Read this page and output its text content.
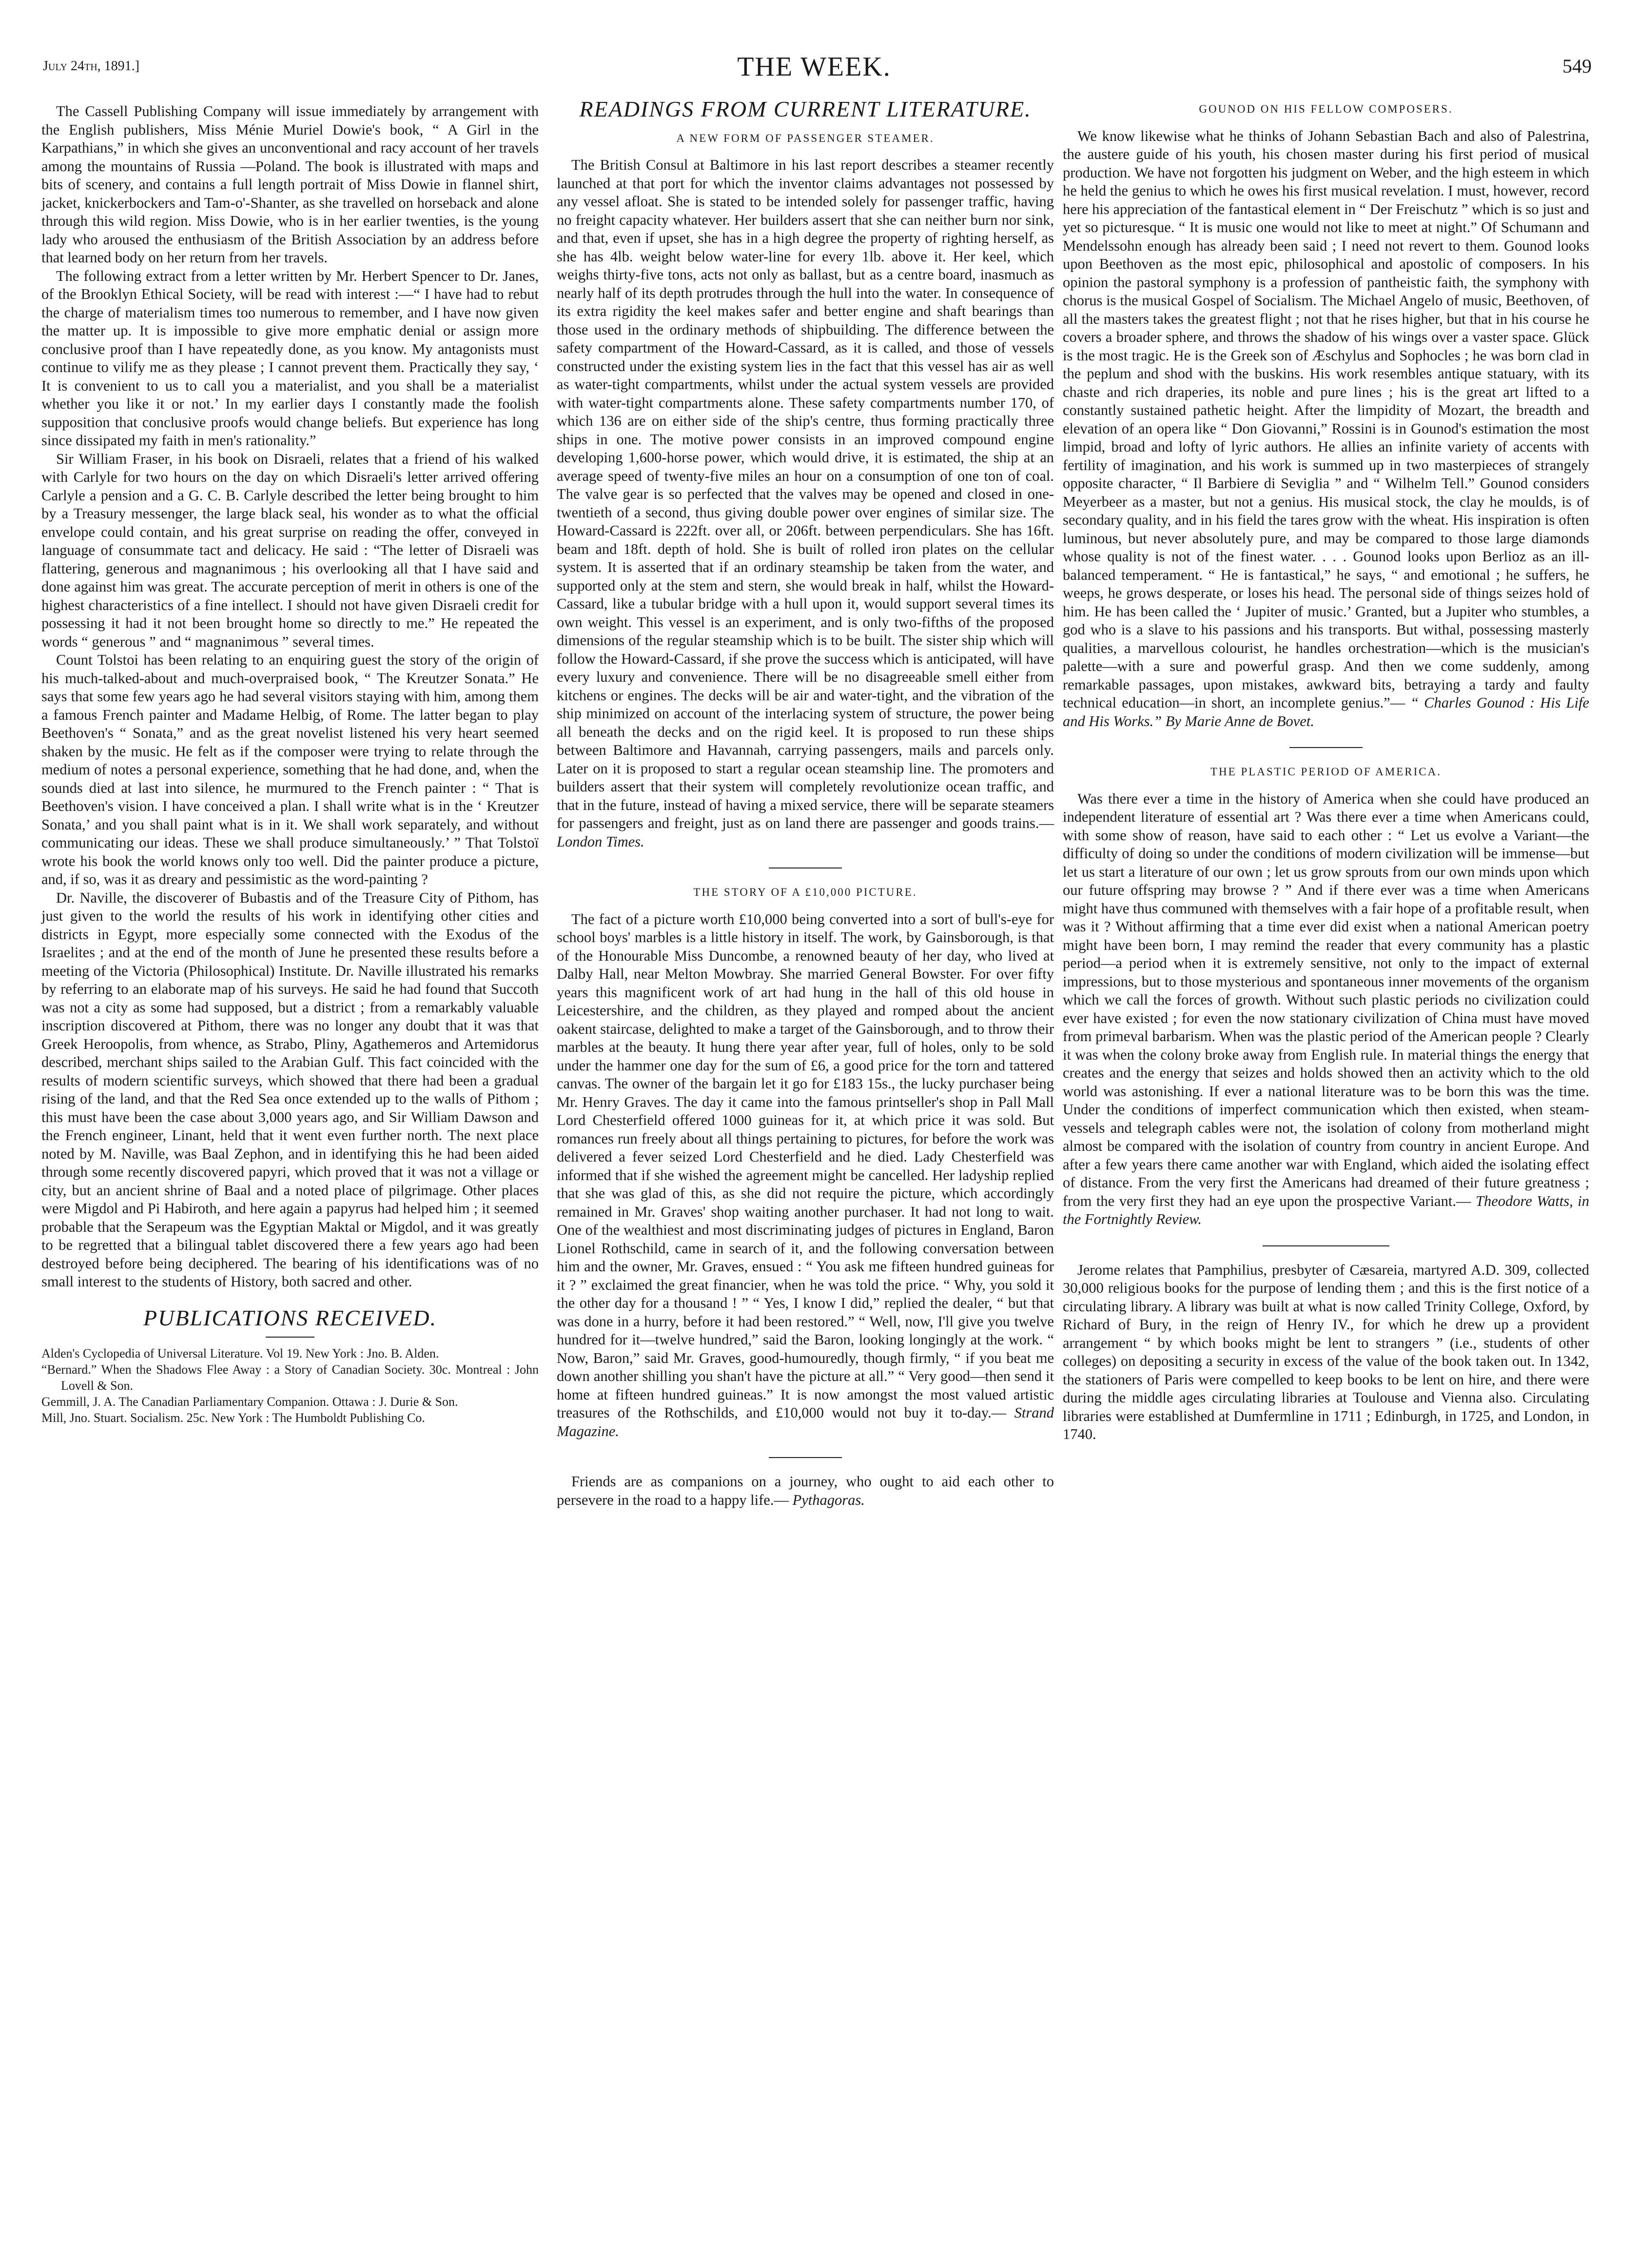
July 24th, 1891.]	THE WEEK.	549

The Cassell Publishing Company will issue immediately by arrangement with the English publishers, Miss Ménie Muriel Dowie's book, “ A Girl in the Karpathians,” in which she gives an unconventional and racy account of her travels among the mountains of Russia —Poland. The book is illustrated with maps and bits of scenery, and contains a full length portrait of Miss Dowie in flannel shirt, jacket, knickerbockers and Tam-o'-Shanter, as she travelled on horseback and alone through this wild region. Miss Dowie, who is in her earlier twenties, is the young lady who aroused the enthusiasm of the British Association by an address before that learned body on her return from her travels.

The following extract from a letter written by Mr. Herbert Spencer to Dr. Janes, of the Brooklyn Ethical Society, will be read with interest :—“ I have had to rebut the charge of materialism times too numerous to remember, and I have now given the matter up. It is impossible to give more emphatic denial or assign more conclusive proof than I have repeatedly done, as you know. My antagonists must continue to vilify me as they please ; I cannot prevent them. Practically they say, ‘ It is convenient to us to call you a materialist, and you shall be a materialist whether you like it or not.’ In my earlier days I constantly made the foolish supposition that conclusive proofs would change beliefs. But experience has long since dissipated my faith in men's rationality.”

Sir William Fraser, in his book on Disraeli, relates that a friend of his walked with Carlyle for two hours on the day on which Disraeli's letter arrived offering Carlyle a pension and a G. C. B. Carlyle described the letter being brought to him by a Treasury messenger, the large black seal, his wonder as to what the official envelope could contain, and his great surprise on reading the offer, conveyed in language of consummate tact and delicacy. He said : “The letter of Disraeli was flattering, generous and magnanimous ; his overlooking all that I have said and done against him was great. The accurate perception of merit in others is one of the highest characteristics of a fine intellect. I should not have given Disraeli credit for possessing it had it not been brought home so directly to me.” He repeated the words “ generous ” and “ magnanimous ” several times.

Count Tolstoi has been relating to an enquiring guest the story of the origin of his much-talked-about and much-overpraised book, “ The Kreutzer Sonata.” He says that some few years ago he had several visitors staying with him, among them a famous French painter and Madame Helbig, of Rome. The latter began to play Beethoven's “ Sonata,” and as the great novelist listened his very heart seemed shaken by the music. He felt as if the composer were trying to relate through the medium of notes a personal experience, something that he had done, and, when the sounds died at last into silence, he murmured to the French painter : “ That is Beethoven's vision. I have conceived a plan. I shall write what is in the ‘ Kreutzer Sonata,’ and you shall paint what is in it. We shall work separately, and without communicating our ideas. These we shall produce simultaneously.’ ” That Tolstoï wrote his book the world knows only too well. Did the painter produce a picture, and, if so, was it as dreary and pessimistic as the word-painting ?

Dr. Naville, the discoverer of Bubastis and of the Treasure City of Pithom, has just given to the world the results of his work in identifying other cities and districts in Egypt, more especially some connected with the Exodus of the Israelites ; and at the end of the month of June he presented these results before a meeting of the Victoria (Philosophical) Institute. Dr. Naville illustrated his remarks by referring to an elaborate map of his surveys. He said he had found that Succoth was not a city as some had supposed, but a district ; from a remarkably valuable inscription discovered at Pithom, there was no longer any doubt that it was that Greek Heroopolis, from whence, as Strabo, Pliny, Agathemeros and Artemidorus described, merchant ships sailed to the Arabian Gulf. This fact coincided with the results of modern scientific surveys, which showed that there had been a gradual rising of the land, and that the Red Sea once extended up to the walls of Pithom ; this must have been the case about 3,000 years ago, and Sir William Dawson and the French engineer, Linant, held that it went even further north. The next place noted by M. Naville, was Baal Zephon, and in identifying this he had been aided through some recently discovered papyri, which proved that it was not a village or city, but an ancient shrine of Baal and a noted place of pilgrimage. Other places were Migdol and Pi Habiroth, and here again a papyrus had helped him ; it seemed probable that the Serapeum was the Egyptian Maktal or Migdol, and it was greatly to be regretted that a bilingual tablet discovered there a few years ago had been destroyed before being deciphered. The bearing of his identifications was of no small interest to the students of History, both sacred and other.

PUBLICATIONS RECEIVED.

Alden's Cyclopedia of Universal Literature. Vol 19. New York : Jno. B. Alden.

“Bernard.” When the Shadows Flee Away : a Story of Canadian Society. 30c. Montreal : John Lovell & Son.

Gemmill, J. A. The Canadian Parliamentary Companion. Ottawa : J. Durie & Son.

Mill, Jno. Stuart. Socialism. 25c. New York : The Humboldt Publishing Co.

READINGS FROM CURRENT LITERATURE.
A NEW FORM OF PASSENGER STEAMER.

The British Consul at Baltimore in his last report describes a steamer recently launched at that port for which the inventor claims advantages not possessed by any vessel afloat. She is stated to be intended solely for passenger traffic, having no freight capacity whatever. Her builders assert that she can neither burn nor sink, and that, even if upset, she has in a high degree the property of righting herself, as she has 4lb. weight below water-line for every 1lb. above it. Her keel, which weighs thirty-five tons, acts not only as ballast, but as a centre board, inasmuch as nearly half of its depth protrudes through the hull into the water. In consequence of its extra rigidity the keel makes safer and better engine and shaft bearings than those used in the ordinary methods of shipbuilding. The difference between the safety compartment of the Howard-Cassard, as it is called, and those of vessels constructed under the existing system lies in the fact that this vessel has air as well as water-tight compartments, whilst under the actual system vessels are provided with water-tight compartments alone. These safety compartments number 170, of which 136 are on either side of the ship's centre, thus forming practically three ships in one. The motive power consists in an improved compound engine developing 1,600-horse power, which would drive, it is estimated, the ship at an average speed of twenty-five miles an hour on a consumption of one ton of coal. The valve gear is so perfected that the valves may be opened and closed in one-twentieth of a second, thus giving double power over engines of similar size. The Howard-Cassard is 222ft. over all, or 206ft. between perpendiculars. She has 16ft. beam and 18ft. depth of hold. She is built of rolled iron plates on the cellular system. It is asserted that if an ordinary steamship be taken from the water, and supported only at the stem and stern, she would break in half, whilst the Howard-Cassard, like a tubular bridge with a hull upon it, would support several times its own weight. This vessel is an experiment, and is only two-fifths of the proposed dimensions of the regular steamship which is to be built. The sister ship which will follow the Howard-Cassard, if she prove the success which is anticipated, will have every luxury and convenience. There will be no disagreeable smell either from kitchens or engines. The decks will be air and water-tight, and the vibration of the ship minimized on account of the interlacing system of structure, the power being all beneath the decks and on the rigid keel. It is proposed to run these ships between Baltimore and Havannah, carrying passengers, mails and parcels only. Later on it is proposed to start a regular ocean steamship line. The promoters and builders assert that their system will completely revolutionize ocean traffic, and that in the future, instead of having a mixed service, there will be separate steamers for passengers and freight, just as on land there are passenger and goods trains.— London Times.

THE STORY OF A £10,000 PICTURE.

The fact of a picture worth £10,000 being converted into a sort of bull's-eye for school boys' marbles is a little history in itself. The work, by Gainsborough, is that of the Honourable Miss Duncombe, a renowned beauty of her day, who lived at Dalby Hall, near Melton Mowbray. She married General Bowster. For over fifty years this magnificent work of art had hung in the hall of this old house in Leicestershire, and the children, as they played and romped about the ancient oakent staircase, delighted to make a target of the Gainsborough, and to throw their marbles at the beauty. It hung there year after year, full of holes, only to be sold under the hammer one day for the sum of £6, a good price for the torn and tattered canvas. The owner of the bargain let it go for £183 15s., the lucky purchaser being Mr. Henry Graves. The day it came into the famous printseller's shop in Pall Mall Lord Chesterfield offered 1000 guineas for it, at which price it was sold. But romances run freely about all things pertaining to pictures, for before the work was delivered a fever seized Lord Chesterfield and he died. Lady Chesterfield was informed that if she wished the agreement might be cancelled. Her ladyship replied that she was glad of this, as she did not require the picture, which accordingly remained in Mr. Graves' shop waiting another purchaser. It had not long to wait. One of the wealthiest and most discriminating judges of pictures in England, Baron Lionel Rothschild, came in search of it, and the following conversation between him and the owner, Mr. Graves, ensued : “ You ask me fifteen hundred guineas for it ? ” exclaimed the great financier, when he was told the price. “ Why, you sold it the other day for a thousand ! ” “ Yes, I know I did,” replied the dealer, “ but that was done in a hurry, before it had been restored.” “ Well, now, I'll give you twelve hundred for it—twelve hundred,” said the Baron, looking longingly at the work. “ Now, Baron,” said Mr. Graves, good-humouredly, though firmly, “ if you beat me down another shilling you shan't have the picture at all.” “ Very good—then send it home at fifteen hundred guineas.” It is now amongst the most valued artistic treasures of the Rothschilds, and £10,000 would not buy it to-day.— Strand Magazine.

Friends are as companions on a journey, who ought to aid each other to persevere in the road to a happy life.— Pythagoras.

GOUNOD ON HIS FELLOW COMPOSERS.

We know likewise what he thinks of Johann Sebastian Bach and also of Palestrina, the austere guide of his youth, his chosen master during his first period of musical production. We have not forgotten his judgment on Weber, and the high esteem in which he held the genius to which he owes his first musical revelation. I must, however, record here his appreciation of the fantastical element in “ Der Freischutz ” which is so just and yet so picturesque. “ It is music one would not like to meet at night.” Of Schumann and Mendelssohn enough has already been said ; I need not revert to them. Gounod looks upon Beethoven as the most epic, philosophical and apostolic of composers. In his opinion the pastoral symphony is a profession of pantheistic faith, the symphony with chorus is the musical Gospel of Socialism. The Michael Angelo of music, Beethoven, of all the masters takes the greatest flight ; not that he rises higher, but that in his course he covers a broader sphere, and throws the shadow of his wings over a vaster space. Glück is the most tragic. He is the Greek son of Æschylus and Sophocles ; he was born clad in the peplum and shod with the buskins. His work resembles antique statuary, with its chaste and rich draperies, its noble and pure lines ; his is the great art lifted to a constantly sustained pathetic height. After the limpidity of Mozart, the breadth and elevation of an opera like “ Don Giovanni,” Rossini is in Gounod's estimation the most limpid, broad and lofty of lyric authors. He allies an infinite variety of accents with fertility of imagination, and his work is summed up in two masterpieces of strangely opposite character, “ Il Barbiere di Seviglia ” and “ Wilhelm Tell.” Gounod considers Meyerbeer as a master, but not a genius. His musical stock, the clay he moulds, is of secondary quality, and in his field the tares grow with the wheat. His inspiration is often luminous, but never absolutely pure, and may be compared to those large diamonds whose quality is not of the finest water. . . . Gounod looks upon Berlioz as an ill-balanced temperament. “ He is fantastical,” he says, “ and emotional ; he suffers, he weeps, he grows desperate, or loses his head. The personal side of things seizes hold of him. He has been called the ‘ Jupiter of music.’ Granted, but a Jupiter who stumbles, a god who is a slave to his passions and his transports. But withal, possessing masterly qualities, a marvellous colourist, he handles orchestration—which is the musician's palette—with a sure and powerful grasp. And then we come suddenly, among remarkable passages, upon mistakes, awkward bits, betraying a tardy and faulty technical education—in short, an incomplete genius.”— “ Charles Gounod : His Life and His Works.” By Marie Anne de Bovet.

THE PLASTIC PERIOD OF AMERICA.

Was there ever a time in the history of America when she could have produced an independent literature of essential art ? Was there ever a time when Americans could, with some show of reason, have said to each other : “ Let us evolve a Variant—the difficulty of doing so under the conditions of modern civilization will be immense—but let us start a literature of our own ; let us grow sprouts from our own minds upon which our future offspring may browse ? ” And if there ever was a time when Americans might have thus communed with themselves with a fair hope of a profitable result, when was it ? Without affirming that a time ever did exist when a national American poetry might have been born, I may remind the reader that every community has a plastic period—a period when it is extremely sensitive, not only to the impact of external impressions, but to those mysterious and spontaneous inner movements of the organism which we call the forces of growth. Without such plastic periods no civilization could ever have existed ; for even the now stationary civilization of China must have moved from primeval barbarism. When was the plastic period of the American people ? Clearly it was when the colony broke away from English rule. In material things the energy that creates and the energy that seizes and holds showed then an activity which to the old world was astonishing. If ever a national literature was to be born this was the time. Under the conditions of imperfect communication which then existed, when steam-vessels and telegraph cables were not, the isolation of colony from motherland might almost be compared with the isolation of country from country in ancient Europe. And after a few years there came another war with England, which aided the isolating effect of distance. From the very first the Americans had dreamed of their future greatness ; from the very first they had an eye upon the prospective Variant.— Theodore Watts, in the Fortnightly Review.

Jerome relates that Pamphilius, presbyter of Cæsareia, martyred A.D. 309, collected 30,000 religious books for the purpose of lending them ; and this is the first notice of a circulating library. A library was built at what is now called Trinity College, Oxford, by Richard of Bury, in the reign of Henry IV., for which he drew up a provident arrangement “ by which books might be lent to strangers ” (i.e., students of other colleges) on depositing a security in excess of the value of the book taken out. In 1342, the stationers of Paris were compelled to keep books to be lent on hire, and there were during the middle ages circulating libraries at Toulouse and Vienna also. Circulating libraries were established at Dumfermline in 1711 ; Edinburgh, in 1725, and London, in 1740.
